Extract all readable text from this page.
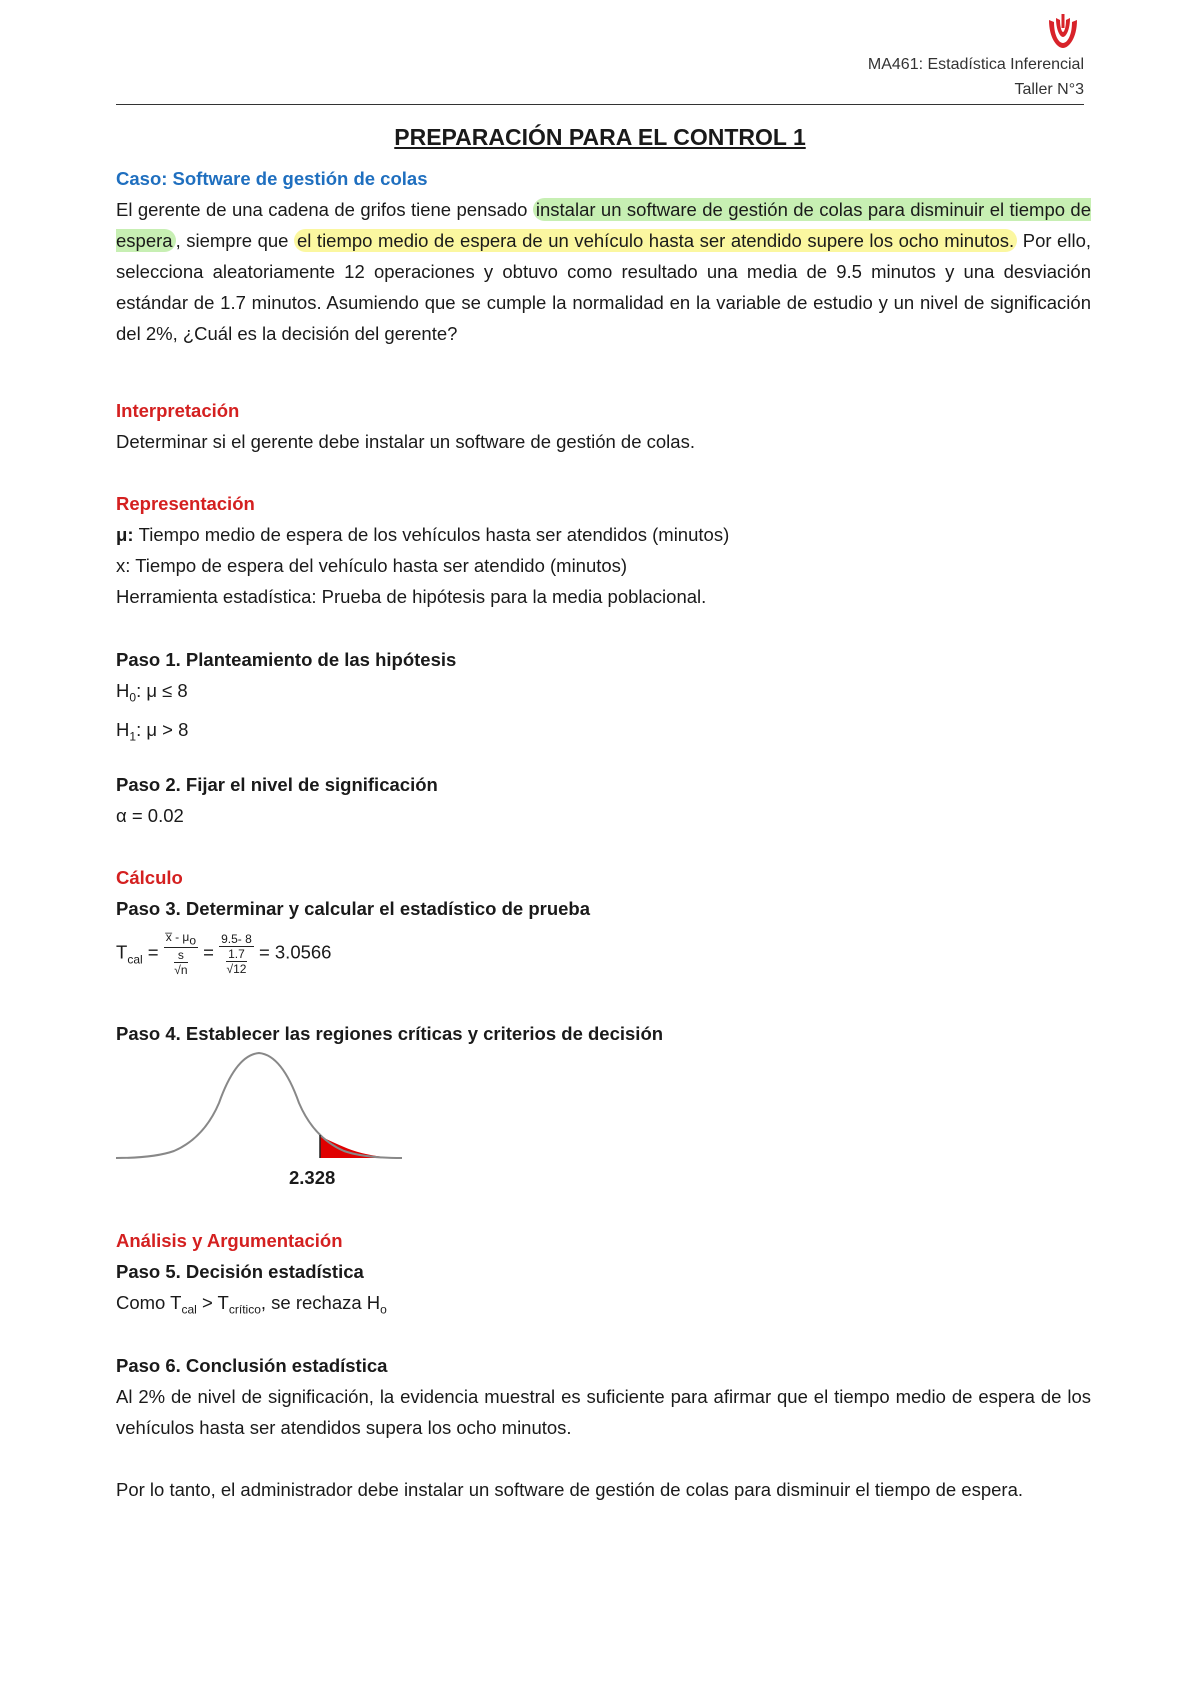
MA461: Estadística Inferencial
Taller N°3
PREPARACIÓN PARA EL CONTROL 1
Caso: Software de gestión de colas
El gerente de una cadena de grifos tiene pensado instalar un software de gestión de colas para disminuir el tiempo de espera , siempre que el tiempo medio de espera de un vehículo hasta ser atendido supere los ocho minutos. Por ello, selecciona aleatoriamente 12 operaciones y obtuvo como resultado una media de 9.5 minutos y una desviación estándar de 1.7 minutos. Asumiendo que se cumple la normalidad en la variable de estudio y un nivel de significación del 2%, ¿Cuál es la decisión del gerente?
Interpretación
Determinar si el gerente debe instalar un software de gestión de colas.
Representación
μ: Tiempo medio de espera de los vehículos hasta ser atendidos (minutos)
x: Tiempo de espera del vehículo hasta ser atendido (minutos)
Herramienta estadística: Prueba de hipótesis para la media poblacional.
Paso 1. Planteamiento de las hipótesis
$H_0$: μ ≤ 8
$H_1$: μ > 8
Paso 2. Fijar el nivel de significación
α = 0.02
Cálculo
Paso 3. Determinar y calcular el estadístico de prueba
$T_{cal} = \frac{x̅ - \mu_o}{\frac{s}{√n}} = \frac{9.5- 8}{\frac{1.7}{√12}} = 3.0566$
Paso 4. Establecer las regiones críticas y criterios de decisión
2.328
Análisis y Argumentación
Paso 5. Decisión estadística
Como $T_{cal} > T_{crítico}$, se rechaza $H_o$
Paso 6. Conclusión estadística
Al 2% de nivel de significación, la evidencia muestral es suficiente para afirmar que el tiempo medio de espera de los vehículos hasta ser atendidos supera los ocho minutos.
Por lo tanto, el administrador debe instalar un software de gestión de colas para disminuir el tiempo de espera.
